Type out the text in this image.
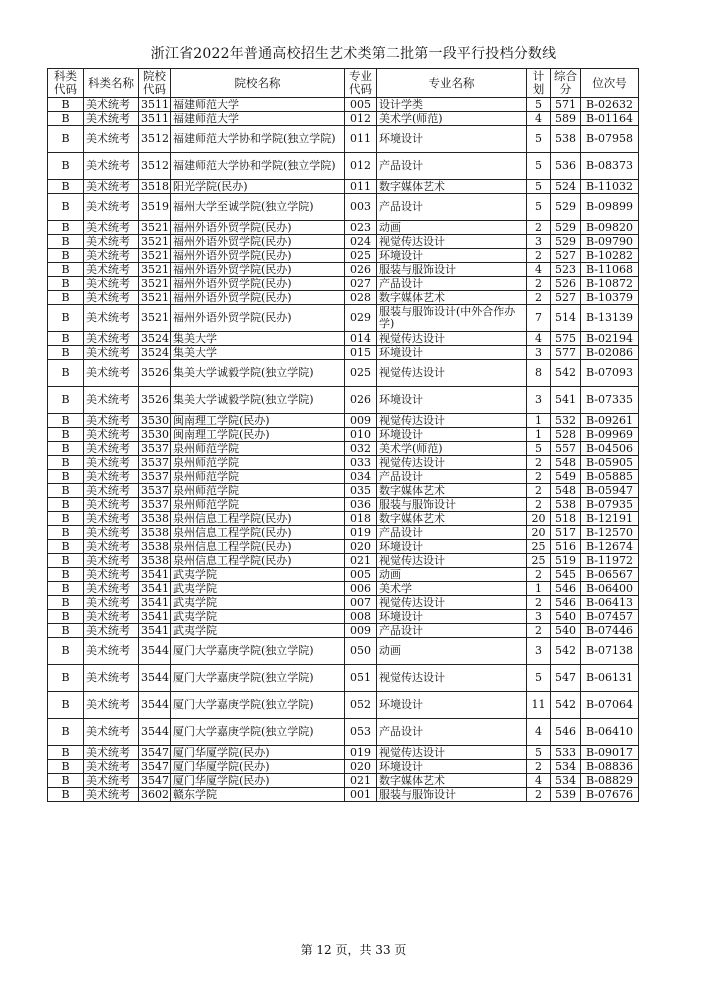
浙江省2022年普通高校招生艺术类第二批第一段平行投档分数线
科类代码	科类名称	院校代码	院校名称	专业代码	专业名称	计划	综合分	位次号
B	美术统考	3511	福建师范大学	005	设计学类	5	571	B-02632
B	美术统考	3511	福建师范大学	012	美术学(师范)	4	589	B-01164
B	美术统考	3512	福建师范大学协和学院(独立学院)	011	环境设计	5	538	B-07958
B	美术统考	3512	福建师范大学协和学院(独立学院)	012	产品设计	5	536	B-08373
B	美术统考	3518	阳光学院(民办)	011	数字媒体艺术	5	524	B-11032
B	美术统考	3519	福州大学至诚学院(独立学院)	003	产品设计	5	529	B-09899
B	美术统考	3521	福州外语外贸学院(民办)	023	动画	2	529	B-09820
B	美术统考	3521	福州外语外贸学院(民办)	024	视觉传达设计	3	529	B-09790
B	美术统考	3521	福州外语外贸学院(民办)	025	环境设计	2	527	B-10282
B	美术统考	3521	福州外语外贸学院(民办)	026	服装与服饰设计	4	523	B-11068
B	美术统考	3521	福州外语外贸学院(民办)	027	产品设计	2	526	B-10872
B	美术统考	3521	福州外语外贸学院(民办)	028	数字媒体艺术	2	527	B-10379
B	美术统考	3521	福州外语外贸学院(民办)	029	服装与服饰设计(中外合作办学)	7	514	B-13139
B	美术统考	3524	集美大学	014	视觉传达设计	4	575	B-02194
B	美术统考	3524	集美大学	015	环境设计	3	577	B-02086
B	美术统考	3526	集美大学诚毅学院(独立学院)	025	视觉传达设计	8	542	B-07093
B	美术统考	3526	集美大学诚毅学院(独立学院)	026	环境设计	3	541	B-07335
B	美术统考	3530	闽南理工学院(民办)	009	视觉传达设计	1	532	B-09261
B	美术统考	3530	闽南理工学院(民办)	010	环境设计	1	528	B-09969
B	美术统考	3537	泉州师范学院	032	美术学(师范)	5	557	B-04506
B	美术统考	3537	泉州师范学院	033	视觉传达设计	2	548	B-05905
B	美术统考	3537	泉州师范学院	034	产品设计	2	549	B-05885
B	美术统考	3537	泉州师范学院	035	数字媒体艺术	2	548	B-05947
B	美术统考	3537	泉州师范学院	036	服装与服饰设计	2	538	B-07935
B	美术统考	3538	泉州信息工程学院(民办)	018	数字媒体艺术	20	518	B-12191
B	美术统考	3538	泉州信息工程学院(民办)	019	产品设计	20	517	B-12570
B	美术统考	3538	泉州信息工程学院(民办)	020	环境设计	25	516	B-12674
B	美术统考	3538	泉州信息工程学院(民办)	021	视觉传达设计	25	519	B-11972
B	美术统考	3541	武夷学院	005	动画	2	545	B-06567
B	美术统考	3541	武夷学院	006	美术学	1	546	B-06400
B	美术统考	3541	武夷学院	007	视觉传达设计	2	546	B-06413
B	美术统考	3541	武夷学院	008	环境设计	3	540	B-07457
B	美术统考	3541	武夷学院	009	产品设计	2	540	B-07446
B	美术统考	3544	厦门大学嘉庚学院(独立学院)	050	动画	3	542	B-07138
B	美术统考	3544	厦门大学嘉庚学院(独立学院)	051	视觉传达设计	5	547	B-06131
B	美术统考	3544	厦门大学嘉庚学院(独立学院)	052	环境设计	11	542	B-07064
B	美术统考	3544	厦门大学嘉庚学院(独立学院)	053	产品设计	4	546	B-06410
B	美术统考	3547	厦门华厦学院(民办)	019	视觉传达设计	5	533	B-09017
B	美术统考	3547	厦门华厦学院(民办)	020	环境设计	2	534	B-08836
B	美术统考	3547	厦门华厦学院(民办)	021	数字媒体艺术	4	534	B-08829
B	美术统考	3602	赣东学院	001	服装与服饰设计	2	539	B-07676
第 12 页，共 33 页
